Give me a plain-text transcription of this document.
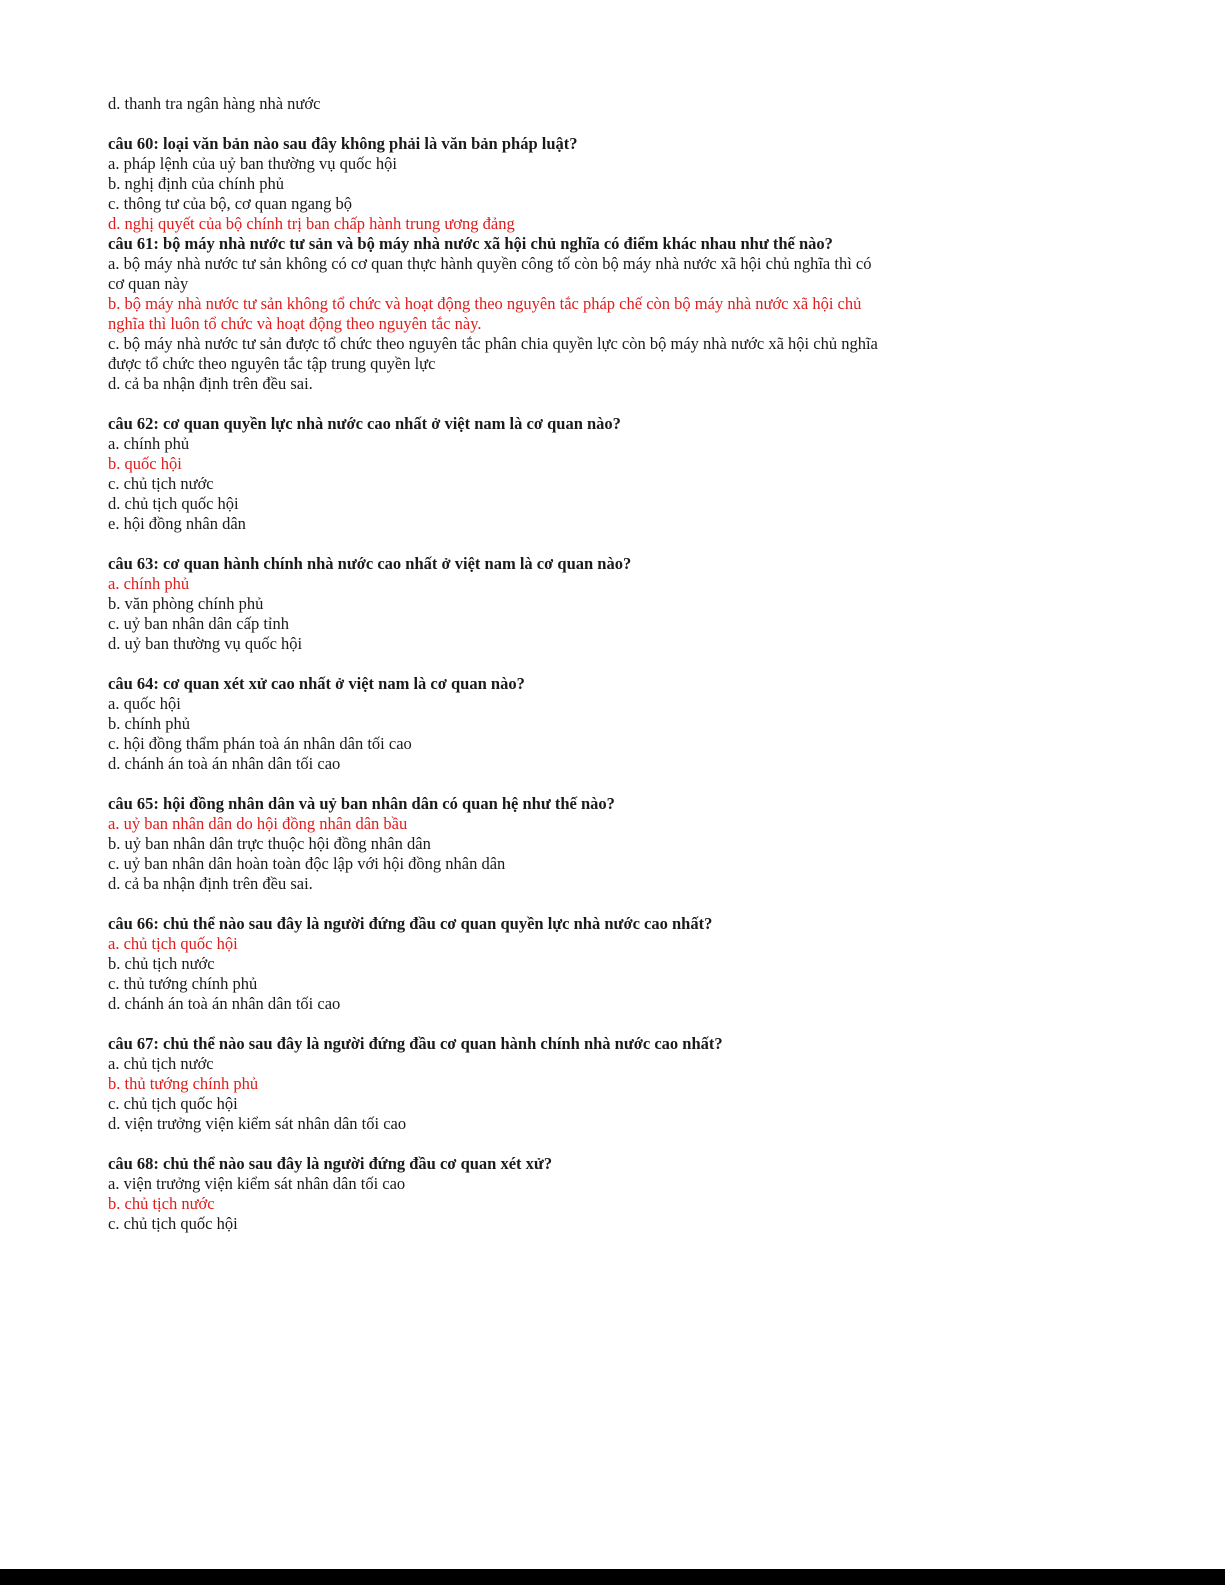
d. thanh tra ngân hàng nhà nước
câu 60: loại văn bản nào sau đây không phải là văn bản pháp luật?
a. pháp lệnh của uỷ ban thường vụ quốc hội
b. nghị định của chính phủ
c. thông tư của bộ, cơ quan ngang bộ
d. nghị quyết của bộ chính trị ban chấp hành trung ương đảng
câu 61: bộ máy nhà nước tư sản và bộ máy nhà nước xã hội chủ nghĩa có điểm khác nhau như thế nào?
a. bộ máy nhà nước tư sản không có cơ quan thực hành quyền công tố còn bộ máy nhà nước xã hội chủ nghĩa thì có cơ quan này
b. bộ máy nhà nước tư sản không tổ chức và hoạt động theo nguyên tắc pháp chế còn bộ máy nhà nước xã hội chủ nghĩa thì luôn tổ chức và hoạt động theo nguyên tắc này.
c. bộ máy nhà nước tư sản được tổ chức theo nguyên tắc phân chia quyền lực còn bộ máy nhà nước xã hội chủ nghĩa được tổ chức theo nguyên tắc tập trung quyền lực
d. cả ba nhận định trên đều sai.
câu 62: cơ quan quyền lực nhà nước cao nhất ở việt nam là cơ quan nào?
a. chính phủ
b. quốc hội
c. chủ tịch nước
d. chủ tịch quốc hội
e. hội đồng nhân dân
câu 63: cơ quan hành chính nhà nước cao nhất ở việt nam là cơ quan nào?
a. chính phủ
b. văn phòng chính phủ
c. uỷ ban nhân dân cấp tỉnh
d. uỷ ban thường vụ quốc hội
câu 64: cơ quan xét xử cao nhất ở việt nam là cơ quan nào?
a. quốc hội
b. chính phủ
c. hội đồng thẩm phán toà án nhân dân tối cao
d. chánh án toà án nhân dân tối cao
câu 65: hội đồng nhân dân và uỷ ban nhân dân có quan hệ như thế nào?
a. uỷ ban nhân dân do hội đồng nhân dân bầu
b. uỷ ban nhân dân trực thuộc hội đồng nhân dân
c. uỷ ban nhân dân hoàn toàn độc lập với hội đồng nhân dân
d. cả ba nhận định trên đều sai.
câu 66: chủ thể nào sau đây là người đứng đầu cơ quan quyền lực nhà nước cao nhất?
a. chủ tịch quốc hội
b. chủ tịch nước
c. thủ tướng chính phủ
d. chánh án toà án nhân dân tối cao
câu 67: chủ thể nào sau đây là người đứng đầu cơ quan hành chính nhà nước cao nhất?
a. chủ tịch nước
b. thủ tướng chính phủ
c. chủ tịch quốc hội
d. viện trưởng viện kiểm sát nhân dân tối cao
câu 68: chủ thể nào sau đây là người đứng đầu cơ quan xét xử?
a. viện trưởng viện kiểm sát nhân dân tối cao
b. chủ tịch nước
c. chủ tịch quốc hội
